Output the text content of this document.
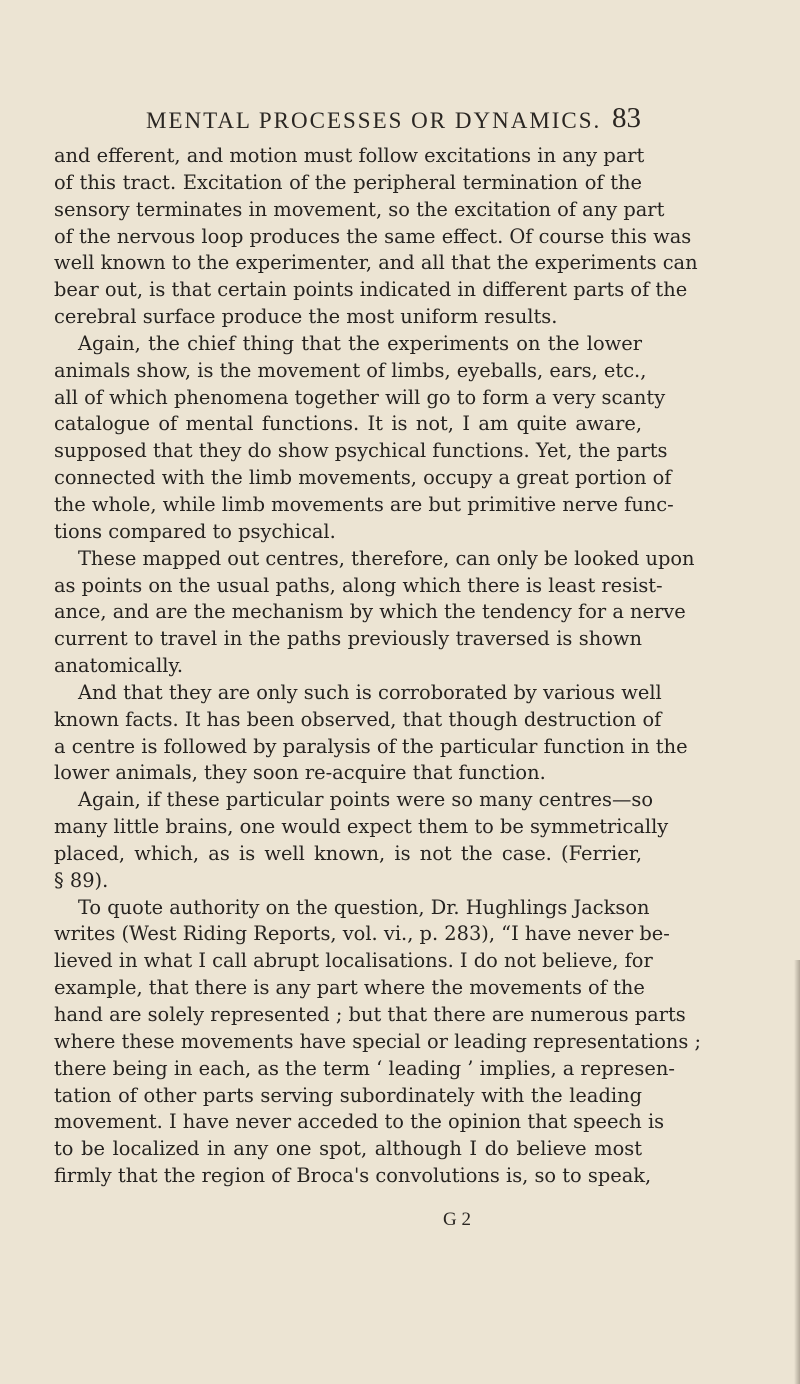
MENTAL PROCESSES OR DYNAMICS. 83
and efferent, and motion must follow excitations in any part
of this tract. Excitation of the peripheral termination of the
sensory terminates in movement, so the excitation of any part
of the nervous loop produces the same effect. Of course this was
well known to the experimenter, and all that the experiments can
bear out, is that certain points indicated in different parts of the
cerebral surface produce the most uniform results.
Again, the chief thing that the experiments on the lower
animals show, is the movement of limbs, eyeballs, ears, etc.,
all of which phenomena together will go to form a very scanty
catalogue of mental functions. It is not, I am quite aware,
supposed that they do show psychical functions. Yet, the parts
connected with the limb movements, occupy a great portion of
the whole, while limb movements are but primitive nerve func-
tions compared to psychical.
These mapped out centres, therefore, can only be looked upon
as points on the usual paths, along which there is least resist-
ance, and are the mechanism by which the tendency for a nerve
current to travel in the paths previously traversed is shown
anatomically.
And that they are only such is corroborated by various well
known facts. It has been observed, that though destruction of
a centre is followed by paralysis of the particular function in the
lower animals, they soon re-acquire that function.
Again, if these particular points were so many centres—so
many little brains, one would expect them to be symmetrically
placed, which, as is well known, is not the case. (Ferrier,
§ 89).
To quote authority on the question, Dr. Hughlings Jackson
writes (West Riding Reports, vol. vi., p. 283), “I have never be-
lieved in what I call abrupt localisations. I do not believe, for
example, that there is any part where the movements of the
hand are solely represented ; but that there are numerous parts
where these movements have special or leading representations ;
there being in each, as the term ‘ leading ’ implies, a represen-
tation of other parts serving subordinately with the leading
movement. I have never acceded to the opinion that speech is
to be localized in any one spot, although I do believe most
firmly that the region of Broca's convolutions is, so to speak,
G 2
